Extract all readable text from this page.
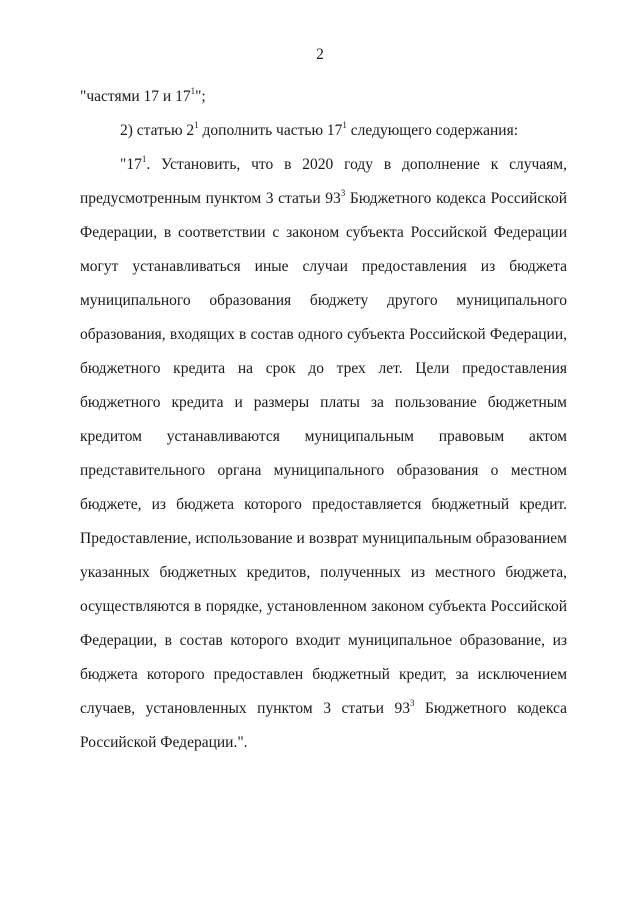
2
"частями 17 и $17^1$";
2) статью $2^1$ дополнить частью $17^1$ следующего содержания:
"$17^1$. Установить, что в 2020 году в дополнение к случаям,
предусмотренным пунктом 3 статьи $93^3$ Бюджетного кодекса Российской
Федерации, в соответствии с законом субъекта Российской Федерации
могут устанавливаться иные случаи предоставления из бюджета
муниципального образования бюджету другого муниципального
образования, входящих в состав одного субъекта Российской Федерации,
бюджетного кредита на срок до трех лет. Цели предоставления
бюджетного кредита и размеры платы за пользование бюджетным
кредитом устанавливаются муниципальным правовым актом
представительного органа муниципального образования о местном
бюджете, из бюджета которого предоставляется бюджетный кредит.
Предоставление, использование и возврат муниципальным образованием
указанных бюджетных кредитов, полученных из местного бюджета,
осуществляются в порядке, установленном законом субъекта Российской
Федерации, в состав которого входит муниципальное образование, из
бюджета которого предоставлен бюджетный кредит, за исключением
случаев, установленных пунктом 3 статьи $93^3$ Бюджетного кодекса
Российской Федерации.".
